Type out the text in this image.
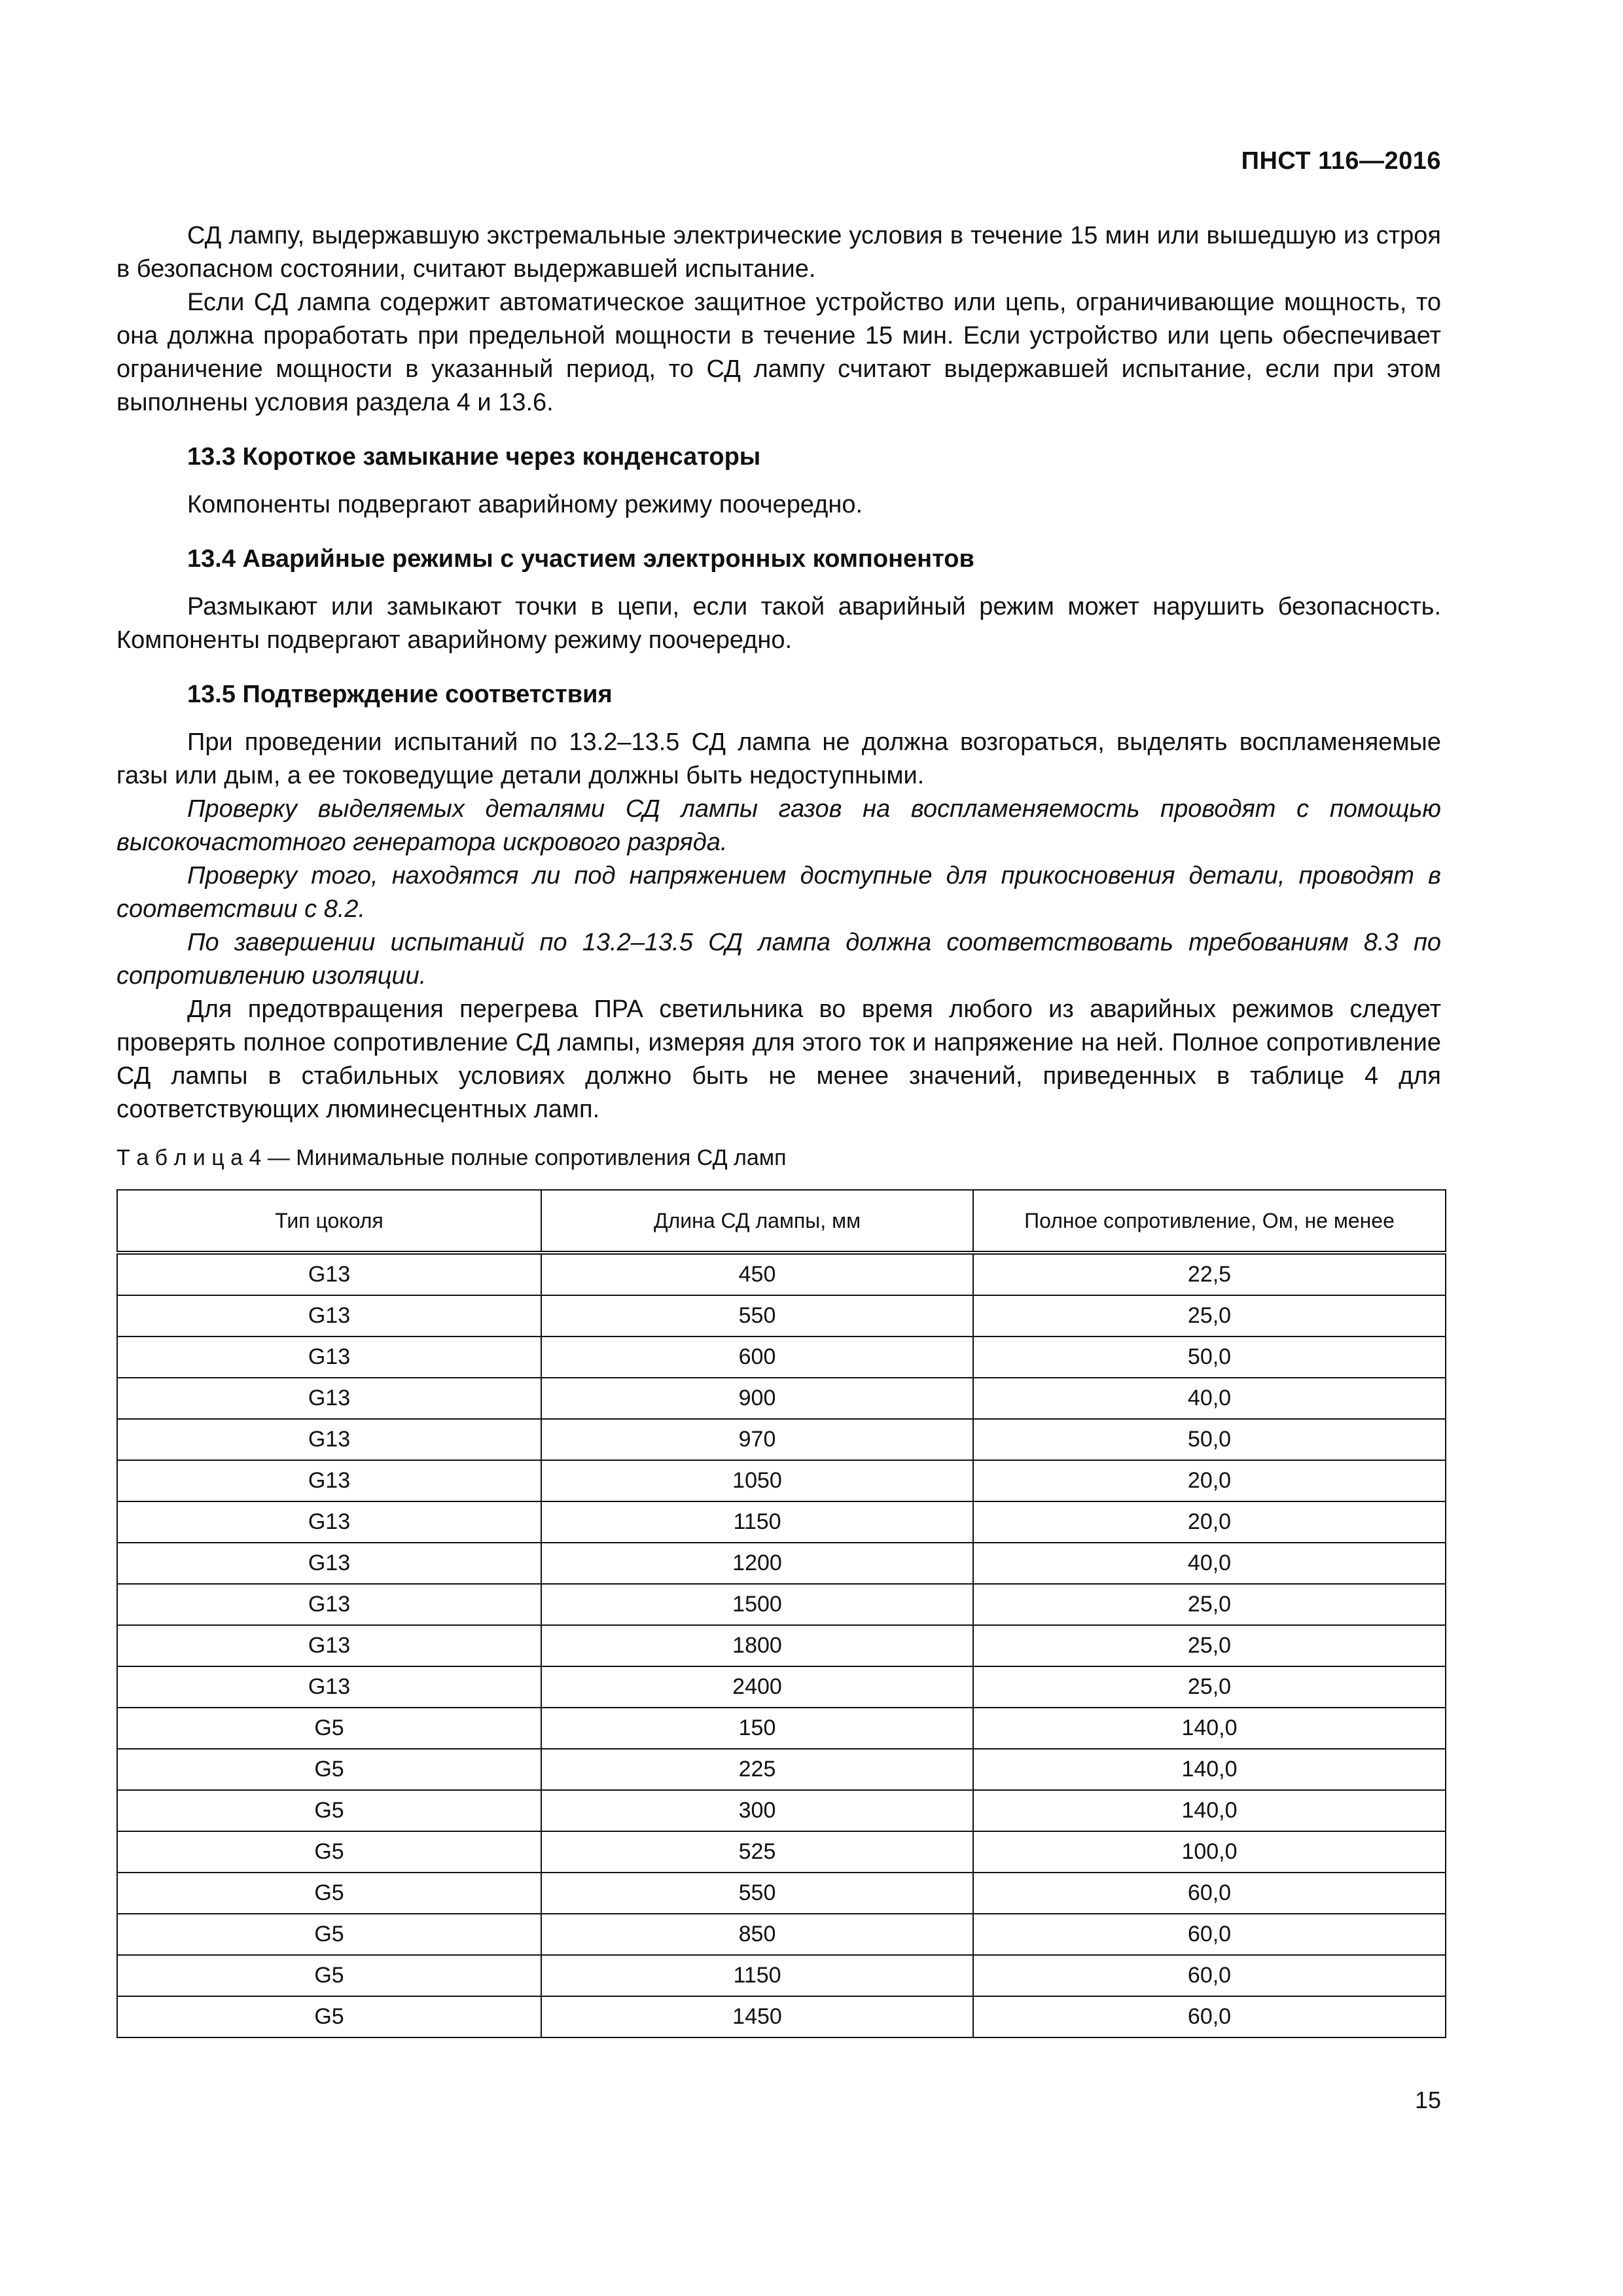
ПНСТ 116—2016

СД лампу, выдержавшую экстремальные электрические условия в течение 15 мин или вышедшую из строя в безопасном состоянии, считают выдержавшей испытание.

Если СД лампа содержит автоматическое защитное устройство или цепь, ограничивающие мощность, то она должна проработать при предельной мощности в течение 15 мин. Если устройство или цепь обеспечивает ограничение мощности в указанный период, то СД лампу считают выдержавшей испытание, если при этом выполнены условия раздела 4 и 13.6.

13.3 Короткое замыкание через конденсаторы

Компоненты подвергают аварийному режиму поочередно.

13.4 Аварийные режимы с участием электронных компонентов

Размыкают или замыкают точки в цепи, если такой аварийный режим может нарушить безопасность. Компоненты подвергают аварийному режиму поочередно.

13.5 Подтверждение соответствия

При проведении испытаний по 13.2–13.5 СД лампа не должна возгораться, выделять воспламеняемые газы или дым, а ее токоведущие детали должны быть недоступными.

Проверку выделяемых деталями СД лампы газов на воспламеняемость проводят с помощью высокочастотного генератора искрового разряда.

Проверку того, находятся ли под напряжением доступные для прикосновения детали, проводят в соответствии с 8.2.

По завершении испытаний по 13.2–13.5 СД лампа должна соответствовать требованиям 8.3 по сопротивлению изоляции.

Для предотвращения перегрева ПРА светильника во время любого из аварийных режимов следует проверять полное сопротивление СД лампы, измеряя для этого ток и напряжение на ней. Полное сопротивление СД лампы в стабильных условиях должно быть не менее значений, приведенных в таблице 4 для соответствующих люминесцентных ламп.

Т а б л и ц а 4 — Минимальные полные сопротивления СД ламп
Тип цоколя	Длина СД лампы, мм	Полное сопротивление, Ом, не менее
G13	450	22,5
G13	550	25,0
G13	600	50,0
G13	900	40,0
G13	970	50,0
G13	1050	20,0
G13	1150	20,0
G13	1200	40,0
G13	1500	25,0
G13	1800	25,0
G13	2400	25,0
G5	150	140,0
G5	225	140,0
G5	300	140,0
G5	525	100,0
G5	550	60,0
G5	850	60,0
G5	1150	60,0
G5	1450	60,0
15
